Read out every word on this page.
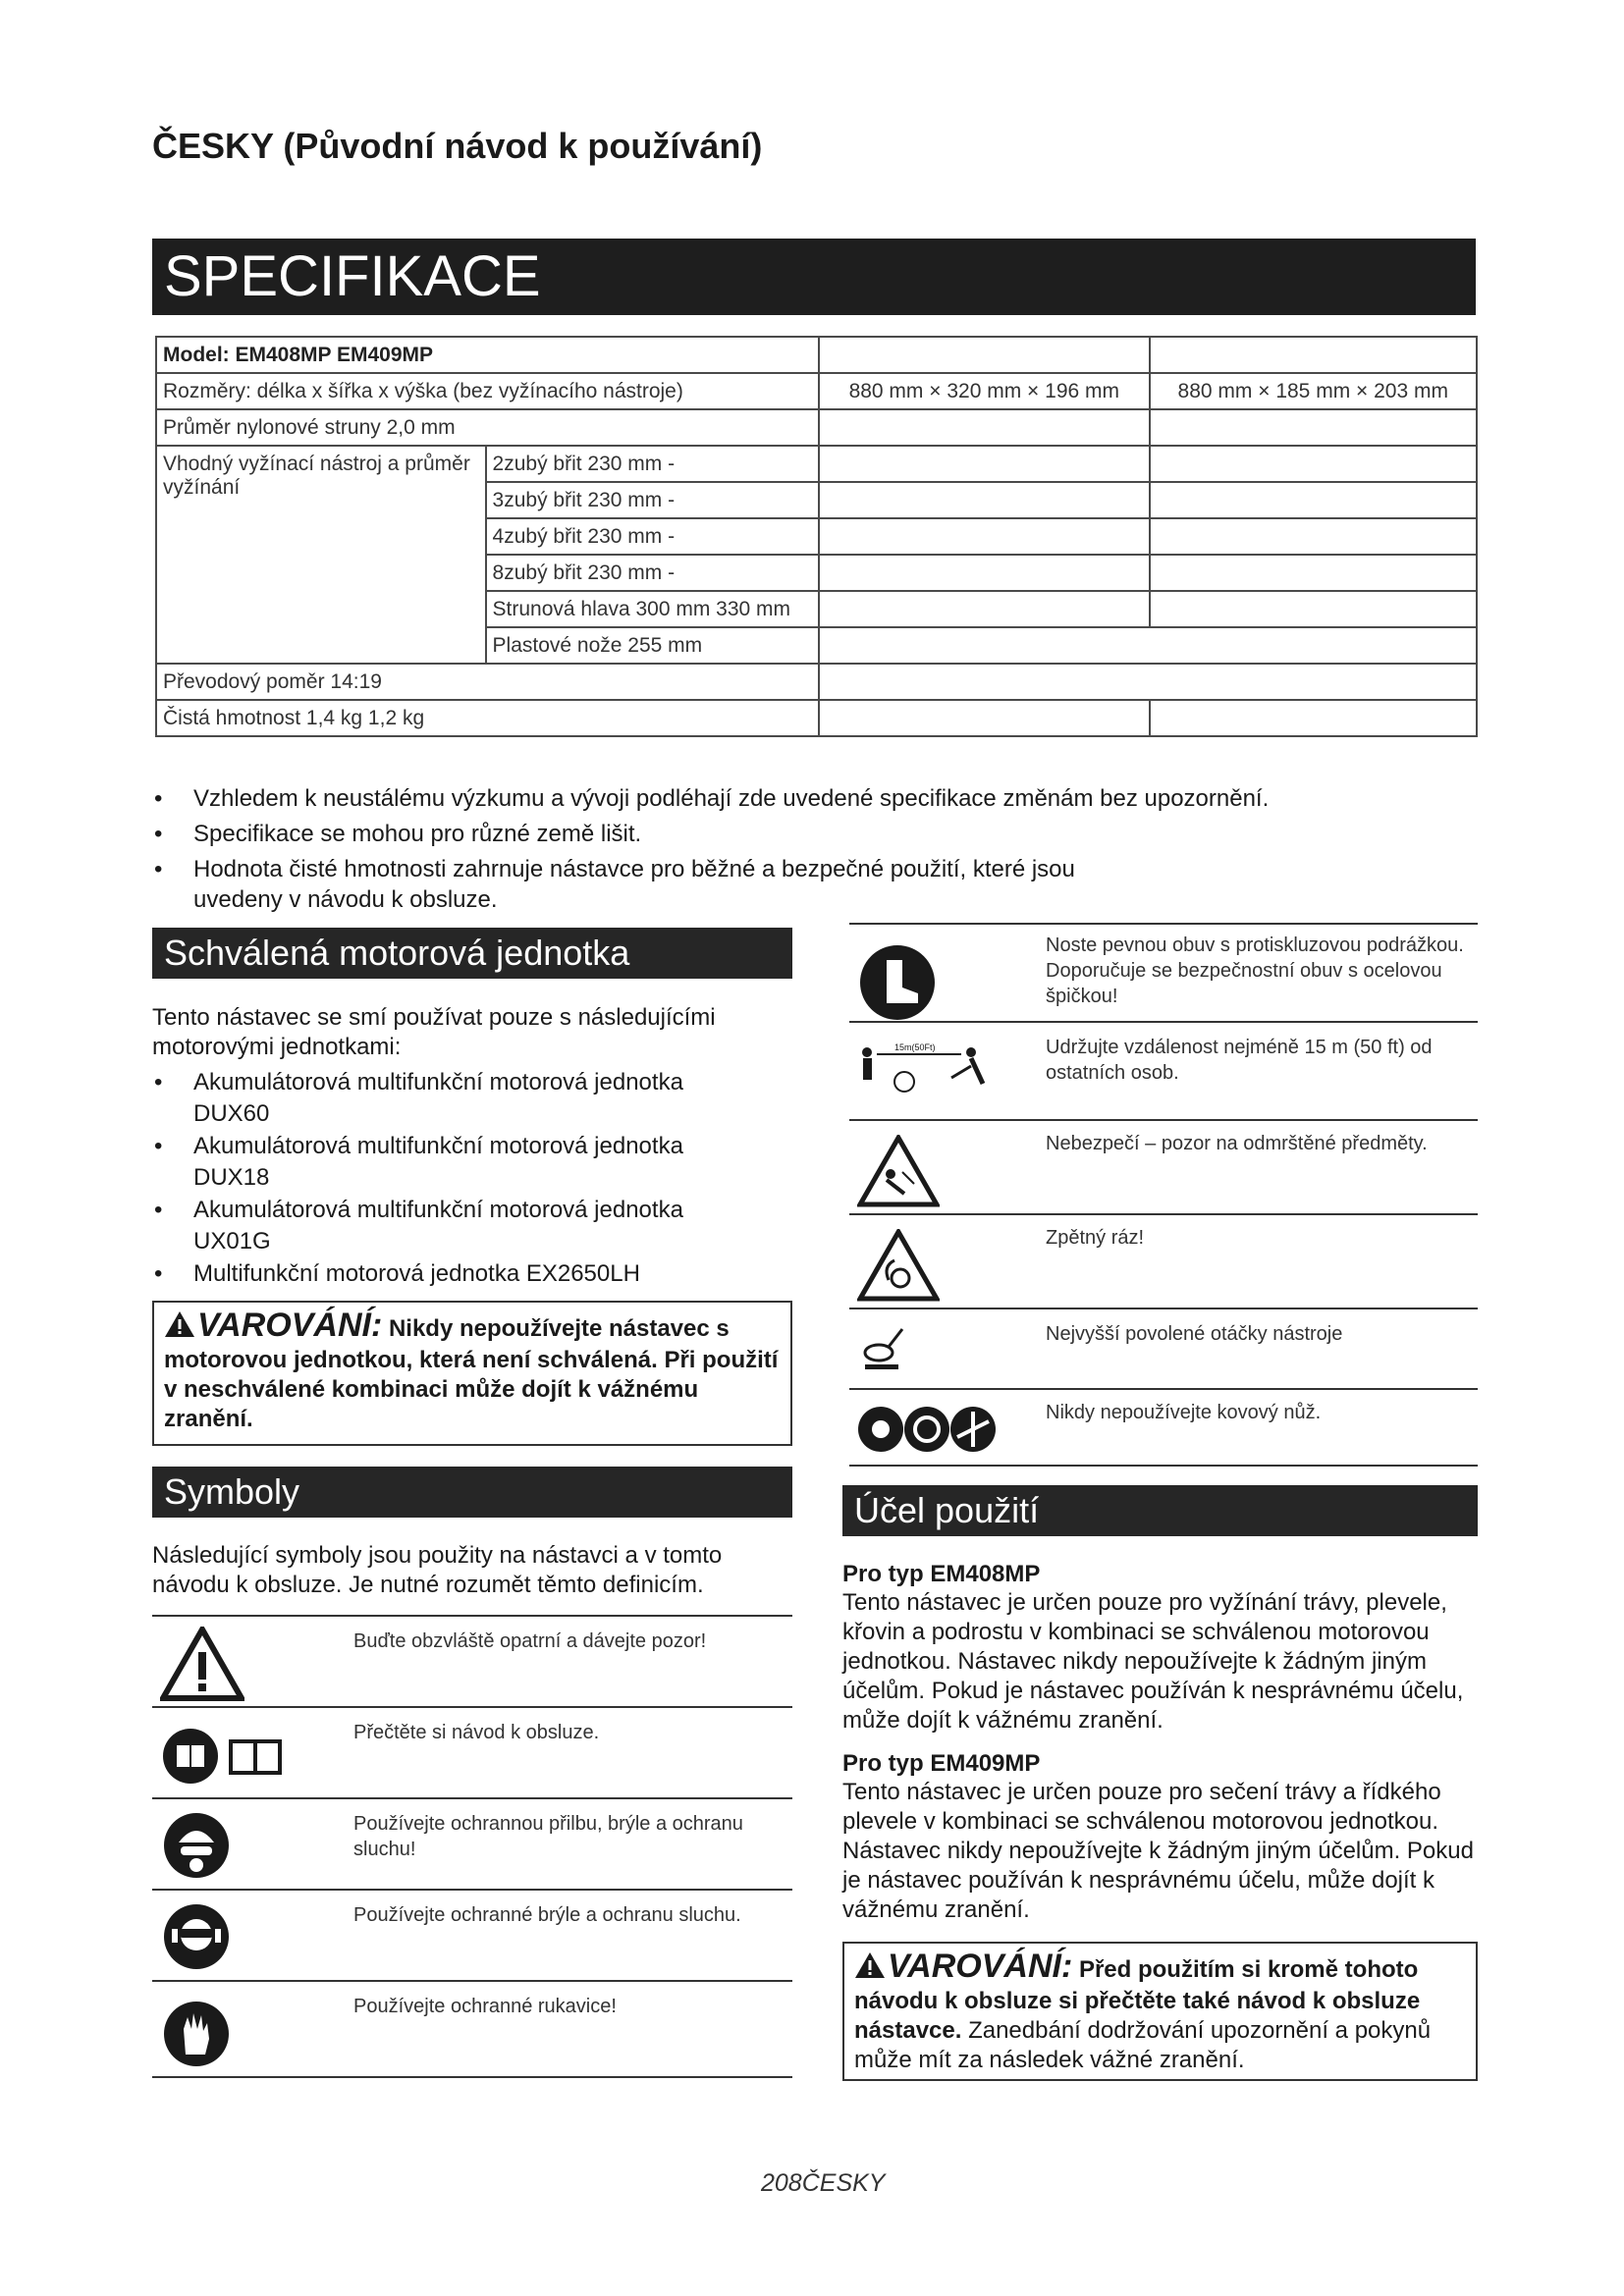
ČESKY (Původní návod k používání)
SPECIFIKACE
Model: EM408MP EM409MP			
Rozměry: délka x šířka x výška (bez vyžínacího nástroje)		880 mm × 320 mm × 196 mm	880 mm × 185 mm × 203 mm
Průměr nylonové struny 2,0 mm			
Vhodný vyžínací nástroj a průměr vyžínání	2zubý břit 230 mm -		
	3zubý břit 230 mm -		
	4zubý břit 230 mm -		
	8zubý břit 230 mm -		
	Strunová hlava 300 mm 330 mm		
	Plastové nože 255 mm		
Převodový poměr 14:19			
Čistá hmotnost 1,4 kg 1,2 kg			
• Vzhledem k neustálému výzkumu a vývoji podléhají zde uvedené specifikace změnám bez upozornění.
• Specifikace se mohou pro různé země lišit.
• Hodnota čisté hmotnosti zahrnuje nástavce pro běžné a bezpečné použití, které jsou uvedeny v návodu k obsluze.
Schválená motorová jednotka
Tento nástavec se smí používat pouze s následujícími motorovými jednotkami:
• Akumulátorová multifunkční motorová jednotka DUX60
• Akumulátorová multifunkční motorová jednotka DUX18
• Akumulátorová multifunkční motorová jednotka UX01G
• Multifunkční motorová jednotka EX2650LH
VAROVÁNÍ: Nikdy nepoužívejte nástavec s motorovou jednotkou, která není schválená. Při použití v neschválené kombinaci může dojít k vážnému zranění.
Symboly
Následující symboly jsou použity na nástavci a v tomto návodu k obsluze. Je nutné rozumět těmto definicím.
Buďte obzvláště opatrní a dávejte pozor!
Přečtěte si návod k obsluze.
Používejte ochrannou přilbu, brýle a ochranu sluchu!
Používejte ochranné brýle a ochranu sluchu.
Používejte ochranné rukavice!
Noste pevnou obuv s protiskluzovou podrážkou. Doporučuje se bezpečnostní obuv s ocelovou špičkou!
15m(50Ft)	Udržujte vzdálenost nejméně 15 m (50 ft) od ostatních osob.
Nebezpečí – pozor na odmrštěné předměty.
Zpětný ráz!
Nejvyšší povolené otáčky nástroje
Nikdy nepoužívejte kovový nůž.
Účel použití
Pro typ EM408MP
Tento nástavec je určen pouze pro vyžínání trávy, plevele, křovin a podrostu v kombinaci se schválenou motorovou jednotkou. Nástavec nikdy nepoužívejte k žádným jiným účelům. Pokud je nástavec používán k nesprávnému účelu, může dojít k vážnému zranění.
Pro typ EM409MP
Tento nástavec je určen pouze pro sečení trávy a řídkého plevele v kombinaci se schválenou motorovou jednotkou. Nástavec nikdy nepoužívejte k žádným jiným účelům. Pokud je nástavec používán k nesprávnému účelu, může dojít k vážnému zranění.
VAROVÁNÍ: Před použitím si kromě tohoto návodu k obsluze si přečtěte také návod k obsluze nástavce. Zanedbání dodržování upozornění a pokynů může mít za následek vážné zranění.
208ČESKY
